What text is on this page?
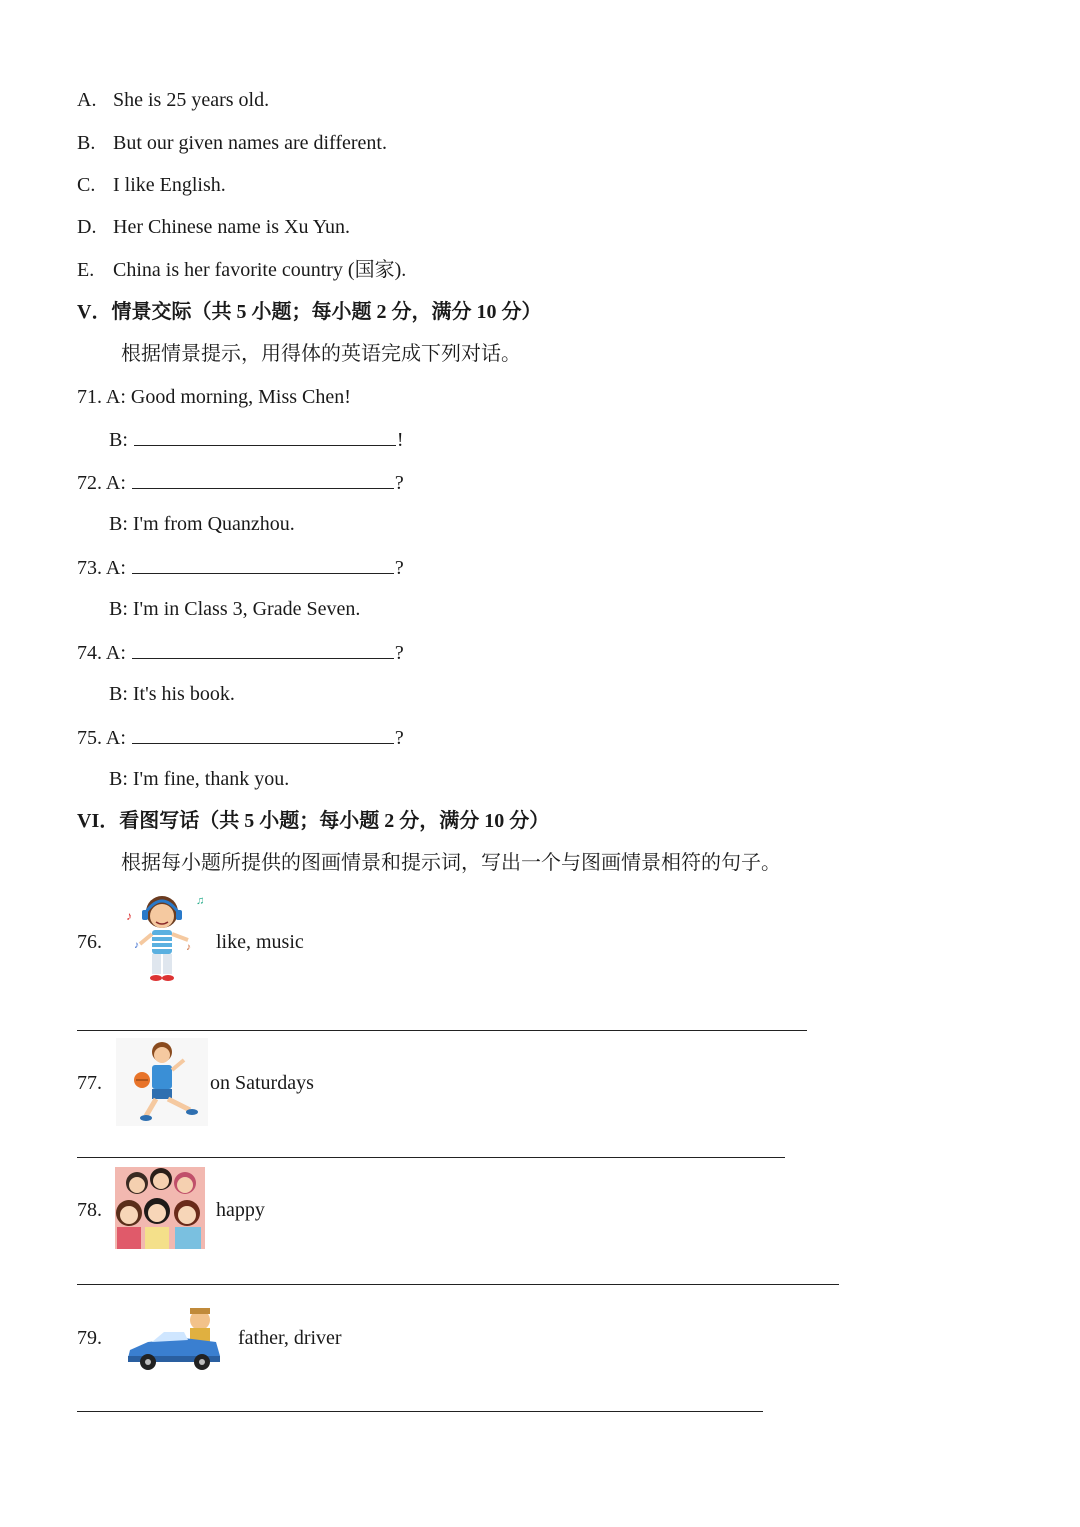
A. She is 25 years old.
B. But our given names are different.
C. I like English.
D. Her Chinese name is Xu Yun.
E. China is her favorite country (国家).
V．情景交际（共 5 小题；每小题 2 分，满分 10 分）
根据情景提示，用得体的英语完成下列对话。
71. A: Good morning, Miss Chen!
B:	!
72. A:	?
B: I'm from Quanzhou.
73. A:	?
B: I'm in Class 3, Grade Seven.
74. A:	?
B: It's his book.
75. A:	?
B: I'm fine, thank you.
VI．看图写话（共 5 小题；每小题 2 分，满分 10 分）
根据每小题所提供的图画情景和提示词，写出一个与图画情景相符的句子。
76.
♪
♫
♪	♪ like, music
77.	on Saturdays
78.	happy
79.	father, driver
